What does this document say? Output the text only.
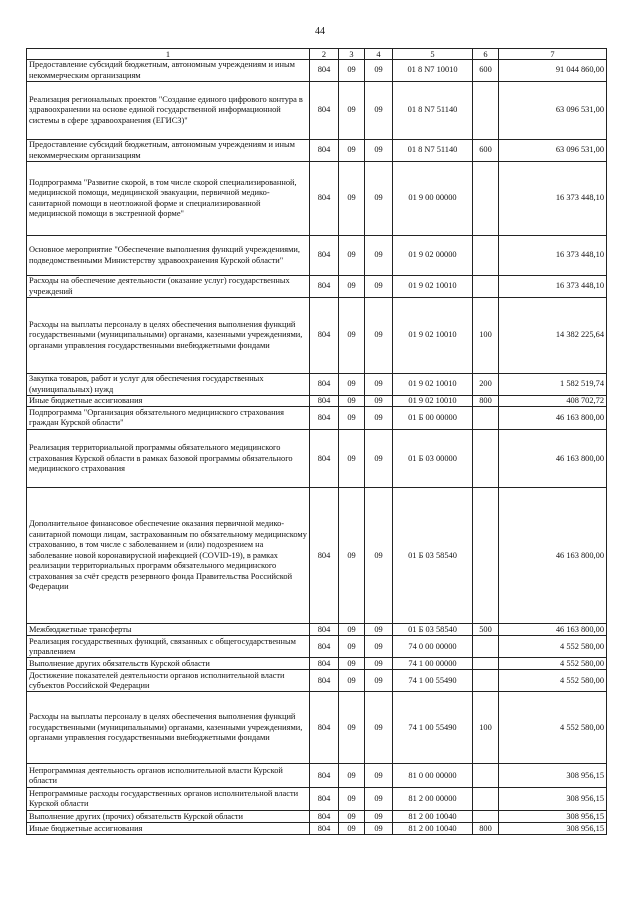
44
1	2	3	4	5	6	7
Предоставление субсидий бюджетным, автономным учреждениям и иным некоммерческим организациям	804	09	09	01 8 N7 10010	600	91 044 860,00
Реализация региональных проектов "Создание единого цифрового контура в здравоохранении на основе единой государственной информационной системы в сфере здравоохранения (ЕГИСЗ)"	804	09	09	01 8 N7 51140		63 096 531,00
Предоставление субсидий бюджетным, автономным учреждениям и иным некоммерческим организациям	804	09	09	01 8 N7 51140	600	63 096 531,00
Подпрограмма "Развитие скорой, в том числе скорой специализированной, медицинской помощи, медицинской эвакуации, первичной медико-санитарной помощи в неотложной форме и специализированной медицинской помощи в экстренной форме"	804	09	09	01 9 00 00000		16 373 448,10
Основное мероприятие "Обеспечение выполнения функций учреждениями, подведомственными Министерству здравоохранения Курской области"	804	09	09	01 9 02 00000		16 373 448,10
Расходы на обеспечение деятельности (оказание услуг) государственных учреждений	804	09	09	01 9 02 10010		16 373 448,10
Расходы на выплаты персоналу в целях обеспечения выполнения функций государственными (муниципальными) органами, казенными учреждениями, органами управления государственными внебюджетными фондами	804	09	09	01 9 02 10010	100	14 382 225,64
Закупка товаров, работ и услуг для обеспечения государственных (муниципальных) нужд	804	09	09	01 9 02 10010	200	1 582 519,74
Иные бюджетные ассигнования	804	09	09	01 9 02 10010	800	408 702,72
Подпрограмма "Организация обязательного медицинского страхования граждан Курской области"	804	09	09	01 Б 00 00000		46 163 800,00
Реализация территориальной программы обязательного медицинского страхования Курской области в рамках базовой программы обязательного медицинского страхования	804	09	09	01 Б 03 00000		46 163 800,00
Дополнительное финансовое обеспечение оказания первичной медико-санитарной помощи лицам, застрахованным по обязательному медицинскому страхованию, в том числе с заболеванием и (или) подозрением на заболевание новой коронавирусной инфекцией (COVID-19), в рамках реализации территориальных программ обязательного медицинского страхования за счёт средств резервного фонда Правительства Российской Федерации	804	09	09	01 Б 03 58540		46 163 800,00
Межбюджетные трансферты	804	09	09	01 Б 03 58540	500	46 163 800,00
Реализация государственных функций, связанных с общегосударственным управлением	804	09	09	74 0 00 00000		4 552 580,00
Выполнение других обязательств Курской области	804	09	09	74 1 00 00000		4 552 580,00
Достижение показателей деятельности органов исполнительной власти субъектов Российской Федерации	804	09	09	74 1 00 55490		4 552 580,00
Расходы на выплаты персоналу в целях обеспечения выполнения функций государственными (муниципальными) органами, казенными учреждениями, органами управления государственными внебюджетными фондами	804	09	09	74 1 00 55490	100	4 552 580,00
Непрограммная деятельность органов исполнительной власти Курской области	804	09	09	81 0 00 00000		308 956,15
Непрограммные расходы государственных органов исполнительной власти Курской области	804	09	09	81 2 00 00000		308 956,15
Выполнение других (прочих) обязательств Курской области	804	09	09	81 2 00 10040		308 956,15
Иные бюджетные ассигнования	804	09	09	81 2 00 10040	800	308 956,15
